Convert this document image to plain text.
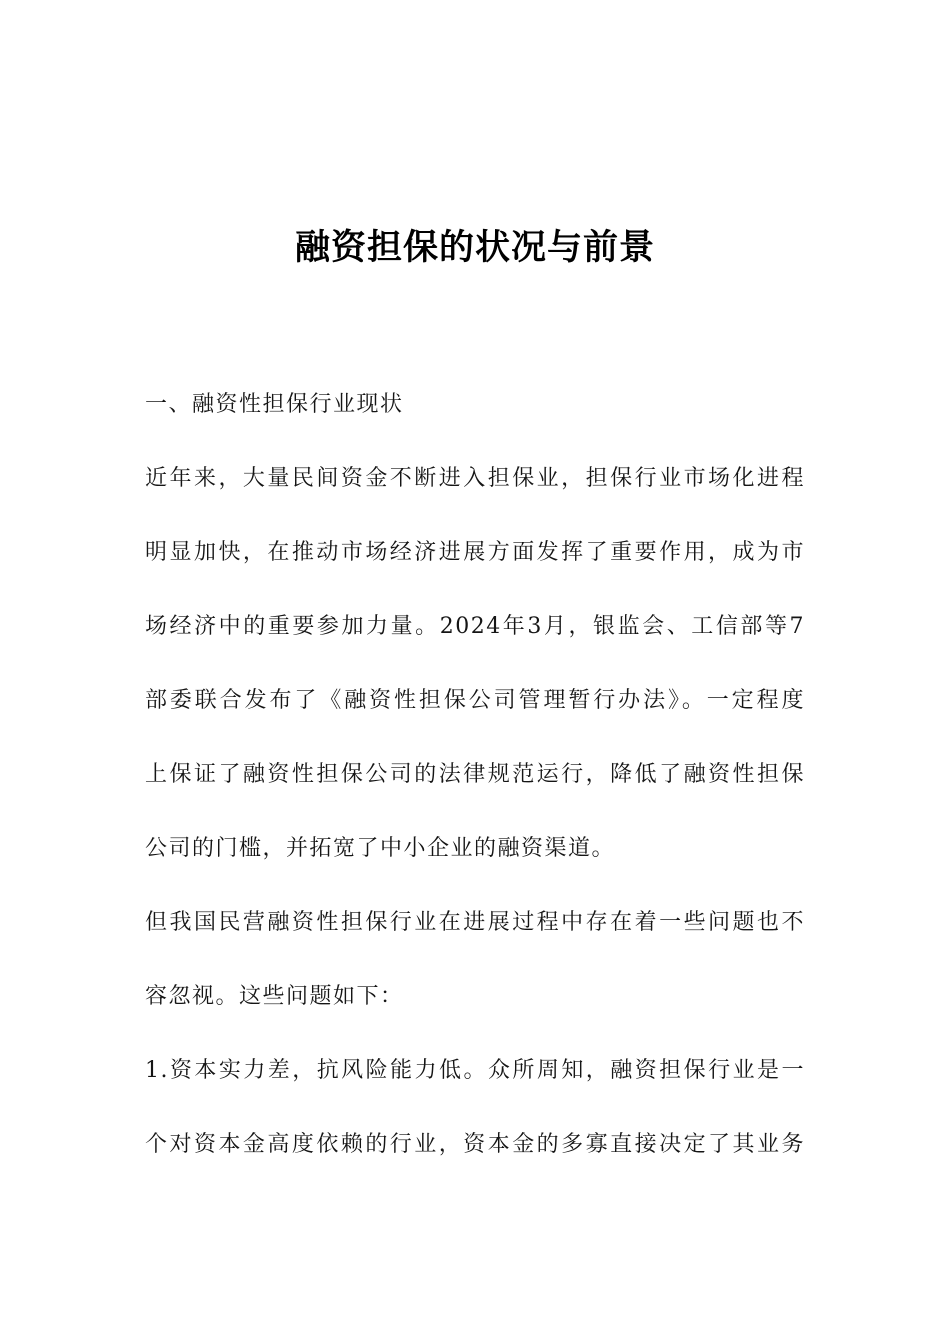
融资担保的状况与前景
一、融资性担保行业现状
近年来，大量民间资金不断进入担保业，担保行业市场化进程
明显加快，在推动市场经济进展方面发挥了重要作用，成为市
场经济中的重要参加力量。2024年3月，银监会、工信部等7
部委联合发布了《融资性担保公司管理暂行办法》。一定程度
上保证了融资性担保公司的法律规范运行，降低了融资性担保
公司的门槛，并拓宽了中小企业的融资渠道。
但我国民营融资性担保行业在进展过程中存在着一些问题也不
容忽视。这些问题如下：
1.资本实力差，抗风险能力低。众所周知，融资担保行业是一
个对资本金高度依赖的行业，资本金的多寡直接决定了其业务
